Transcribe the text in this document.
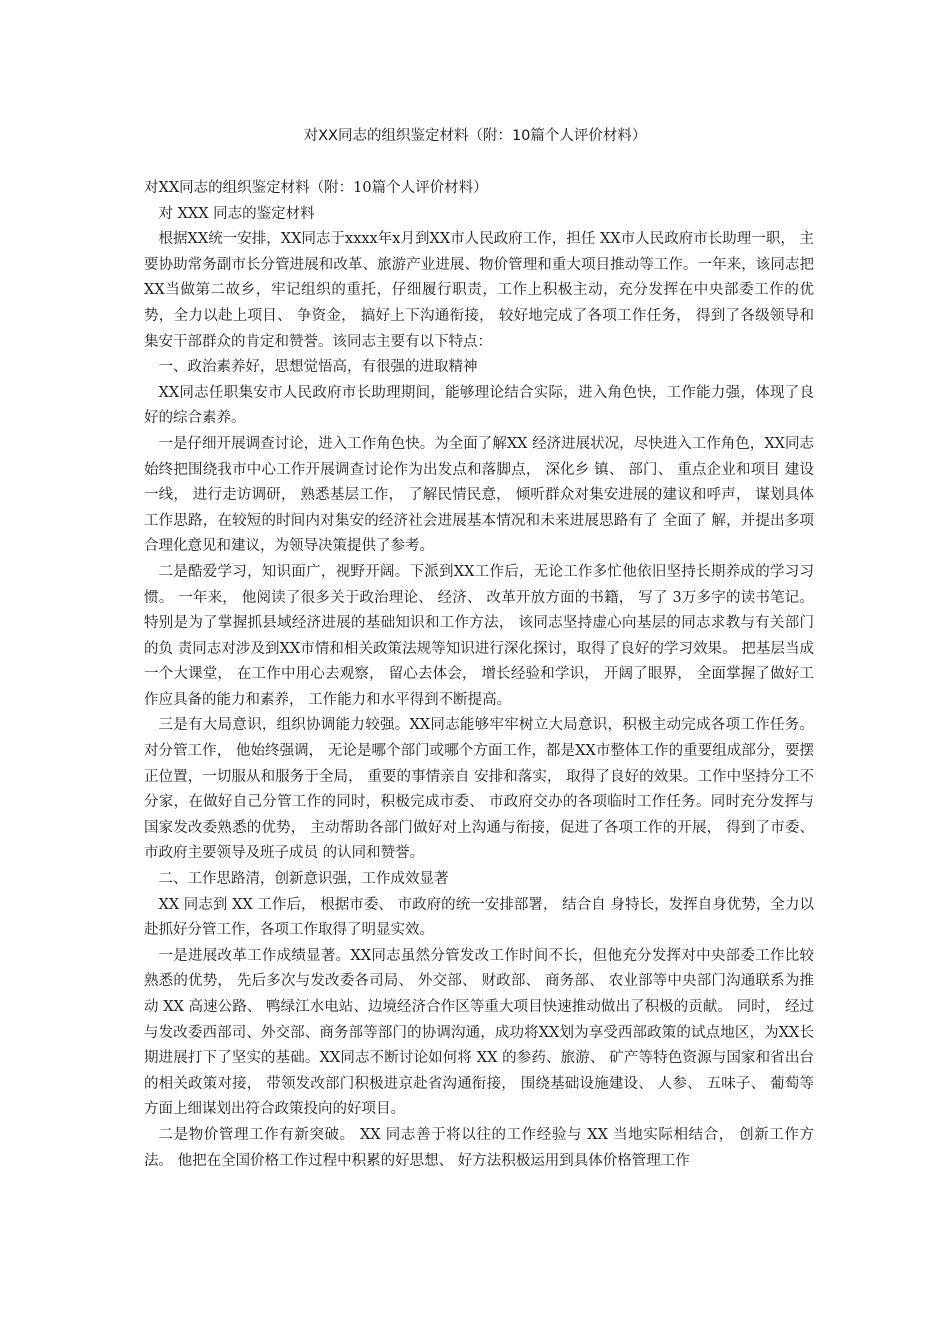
对XX同志的组织鉴定材料（附：10篇个人评价材料）

对XX同志的组织鉴定材料（附：10篇个人评价材料）

对 XXX 同志的鉴定材料

根据XX统一安排，XX同志于xxxx年x月到XX市人民政府工作，担任 XX市人民政府市长助理一职， 主要协助常务副市长分管进展和改革、旅游产业进展、物价管理和重大项目推动等工作。一年来，该同志把XX当做第二故乡，牢记组织的重托，仔细履行职责，工作上积极主动，充分发挥在中央部委工作的优势，全力以赴上项目、 争资金， 搞好上下沟通衔接， 较好地完成了各项工作任务， 得到了各级领导和集安干部群众的肯定和赞誉。该同志主要有以下特点：

一、政治素养好，思想觉悟高，有很强的进取精神

XX同志任职集安市人民政府市长助理期间，能够理论结合实际，进入角色快，工作能力强，体现了良好的综合素养。

一是仔细开展调查讨论，进入工作角色快。为全面了解XX 经济进展状况，尽快进入工作角色，XX同志始终把围绕我市中心工作开展调查讨论作为出发点和落脚点， 深化乡 镇、 部门、 重点企业和项目 建设一线， 进行走访调研， 熟悉基层工作， 了解民情民意， 倾听群众对集安进展的建议和呼声， 谋划具体工作思路，在较短的时间内对集安的经济社会进展基本情况和未来进展思路有了 全面了 解，并提出多项合理化意见和建议，为领导决策提供了参考。

二是酷爱学习，知识面广，视野开阔。下派到XX工作后，无论工作多忙他依旧坚持长期养成的学习习惯。 一年来， 他阅读了很多关于政治理论、 经济、 改革开放方面的书籍， 写了 3万多字的读书笔记。 特别是为了掌握抓县域经济进展的基础知识和工作方法， 该同志坚持虚心向基层的同志求教与有关部门的负 责同志对涉及到XX市情和相关政策法规等知识进行深化探讨，取得了良好的学习效果。 把基层当成一个大课堂， 在工作中用心去观察， 留心去体会， 增长经验和学识， 开阔了眼界， 全面掌握了做好工作应具备的能力和素养， 工作能力和水平得到不断提高。

三是有大局意识，组织协调能力较强。XX同志能够牢牢树立大局意识，积极主动完成各项工作任务。 对分管工作， 他始终强调， 无论是哪个部门或哪个方面工作，都是XX市整体工作的重要组成部分，要摆正位置，一切服从和服务于全局， 重要的事情亲自 安排和落实， 取得了良好的效果。工作中坚持分工不分家，在做好自己分管工作的同时，积极完成市委、 市政府交办的各项临时工作任务。同时充分发挥与国家发改委熟悉的优势， 主动帮助各部门做好对上沟通与衔接，促进了各项工作的开展， 得到了市委、市政府主要领导及班子成员 的认同和赞誉。

二、工作思路清，创新意识强，工作成效显著

XX 同志到 XX 工作后， 根据市委、 市政府的统一安排部署， 结合自 身特长，发挥自身优势，全力以赴抓好分管工作，各项工作取得了明显实效。

一是进展改革工作成绩显著。XX同志虽然分管发改工作时间不长，但他充分发挥对中央部委工作比较熟悉的优势， 先后多次与发改委各司局、 外交部、 财政部、 商务部、 农业部等中央部门沟通联系为推动 XX 高速公路、 鸭绿江水电站、边境经济合作区等重大项目快速推动做出了积极的贡献。 同时， 经过与发改委西部司、外交部、商务部等部门的协调沟通，成功将XX划为享受西部政策的试点地区，为XX长期进展打下了坚实的基础。XX同志不断讨论如何将 XX 的参药、旅游、 矿产等特色资源与国家和省出台的相关政策对接， 带领发改部门积极进京赴省沟通衔接， 围绕基础设施建设、 人参、 五味子、 葡萄等方面上细谋划出符合政策投向的好项目。

二是物价管理工作有新突破。 XX 同志善于将以往的工作经验与 XX 当地实际相结合， 创新工作方法。 他把在全国价格工作过程中积累的好思想、 好方法积极运用到具体价格管理工作
